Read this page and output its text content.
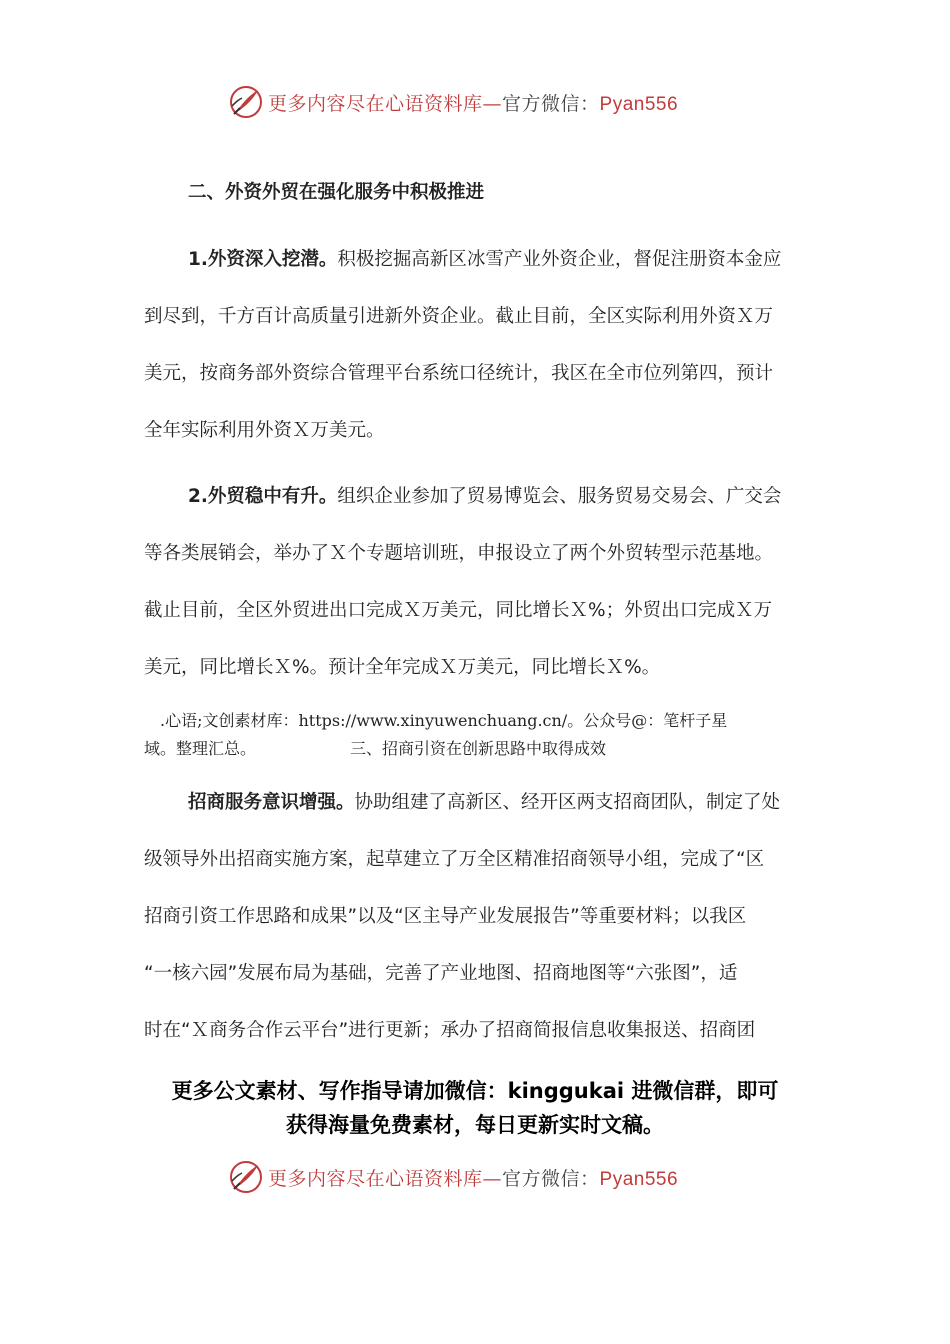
更多内容尽在心语资料库—官方微信：Pyan556
二、外资外贸在强化服务中积极推进
1.外资深入挖潜。积极挖掘高新区冰雪产业外资企业，督促注册资本金应
到尽到，千方百计高质量引进新外资企业。截止目前，全区实际利用外资Ｘ万
美元，按商务部外资综合管理平台系统口径统计，我区在全市位列第四，预计
全年实际利用外资Ｘ万美元。
2.外贸稳中有升。组织企业参加了贸易博览会、服务贸易交易会、广交会
等各类展销会，举办了Ｘ个专题培训班，申报设立了两个外贸转型示范基地。
截止目前，全区外贸进出口完成Ｘ万美元，同比增长Ｘ%；外贸出口完成Ｘ万
美元，同比增长Ｘ%。预计全年完成Ｘ万美元，同比增长Ｘ%。
.心语;文创素材库：https://www.xinyuwenchuang.cn/。公众号@：笔杆子星
域。整理汇总。	三、招商引资在创新思路中取得成效
招商服务意识增强。协助组建了高新区、经开区两支招商团队，制定了处
级领导外出招商实施方案，起草建立了万全区精准招商领导小组，完成了“区
招商引资工作思路和成果”以及“区主导产业发展报告”等重要材料；以我区
“一核六园”发展布局为基础，完善了产业地图、招商地图等“六张图”，适
时在“Ｘ商务合作云平台”进行更新；承办了招商简报信息收集报送、招商团
更多公文素材、写作指导请加微信：kinggukai 进微信群，即可
获得海量免费素材，每日更新实时文稿。
更多内容尽在心语资料库—官方微信：Pyan556
